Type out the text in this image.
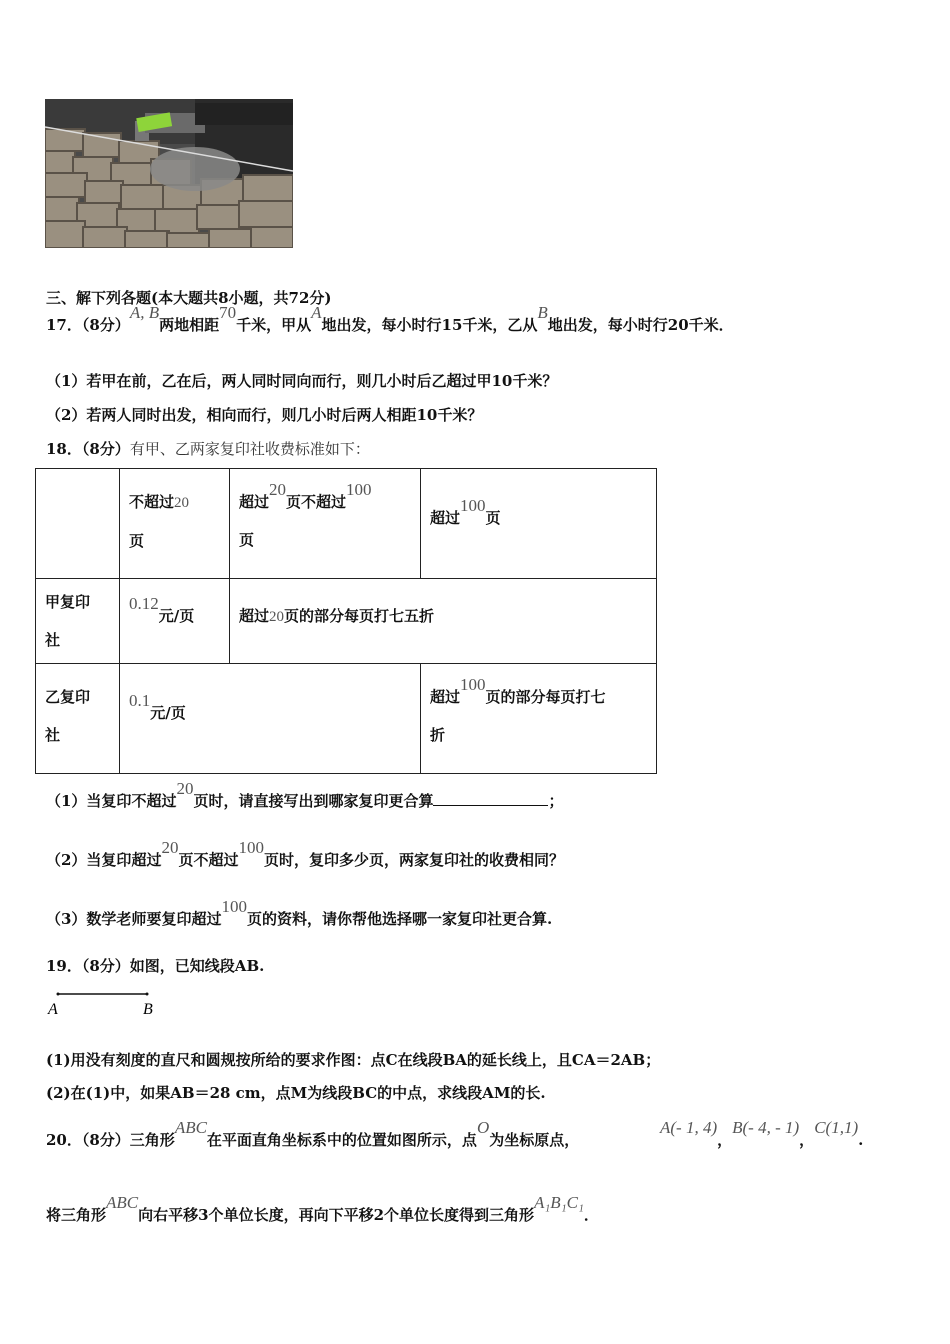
三、解下列各题(本大题共8小题，共72分)
17．（8分）A, B两地相距70千米，甲从A地出发，每小时行15千米，乙从B地出发，每小时行20千米．
（1）若甲在前，乙在后，两人同时同向而行，则几小时后乙超过甲10千米？
（2）若两人同时出发，相向而行，则几小时后两人相距10千米？
18．（8分）有甲、乙两家复印社收费标准如下：
	不超过20
页	超过20页不超过100
页	超过100页
甲复印
社	0.12元/页	超过20页的部分每页打七五折	
乙复印
社	0.1元/页		超过100页的部分每页打七
折
（1）当复印不超过20页时，请直接写出到哪家复印更合算	；
（2）当复印超过20页不超过100页时，复印多少页，两家复印社的收费相同？
（3）数学老师要复印超过100页的资料，请你帮他选择哪一家复印社更合算.
19．（8分）如图，已知线段AB.
A	B
(1)用没有刻度的直尺和圆规按所给的要求作图：点C在线段BA的延长线上，且CA＝2AB；
(2)在(1)中，如果AB＝28 cm，点M为线段BC的中点，求线段AM的长.
20．（8分）三角形ABC在平面直角坐标系中的位置如图所示，点O为坐标原点，
A(- 1, 4)，B(- 4, - 1)，C(1,1).
将三角形ABC向右平移3个单位长度，再向下平移2个单位长度得到三角形A₁B₁C₁．
